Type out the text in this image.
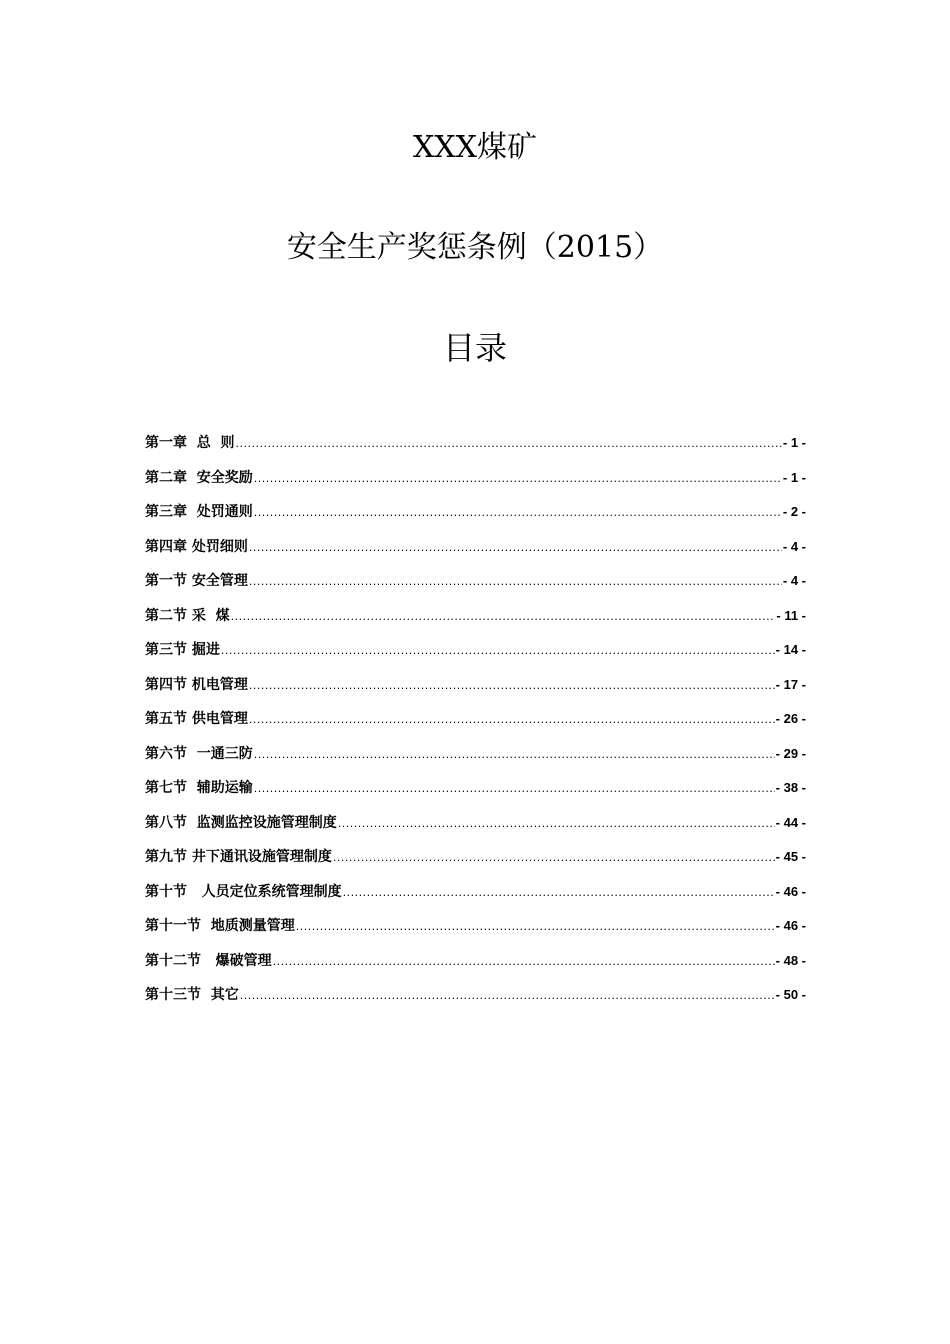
XXX煤矿
安全生产奖惩条例（2015）
目录
第一章  总  则 .....	- 1 -
第二章  安全奖励 .....	- 1 -
第三章  处罚通则 .....	- 2 -
第四章 处罚细则 .....	- 4 -
第一节 安全管理 .....	- 4 -
第二节 采  煤 .....	- 11 -
第三节 掘进 .....	- 14 -
第四节 机电管理 .....	- 17 -
第五节 供电管理 .....	- 26 -
第六节  一通三防 .....	- 29 -
第七节  辅助运输 .....	- 38 -
第八节  监测监控设施管理制度 .....	- 44 -
第九节 井下通讯设施管理制度 .....	- 45 -
第十节   人员定位系统管理制度 .....	- 46 -
第十一节  地质测量管理 .....	- 46 -
第十二节   爆破管理 .....	- 48 -
第十三节  其它 .....	- 50 -
